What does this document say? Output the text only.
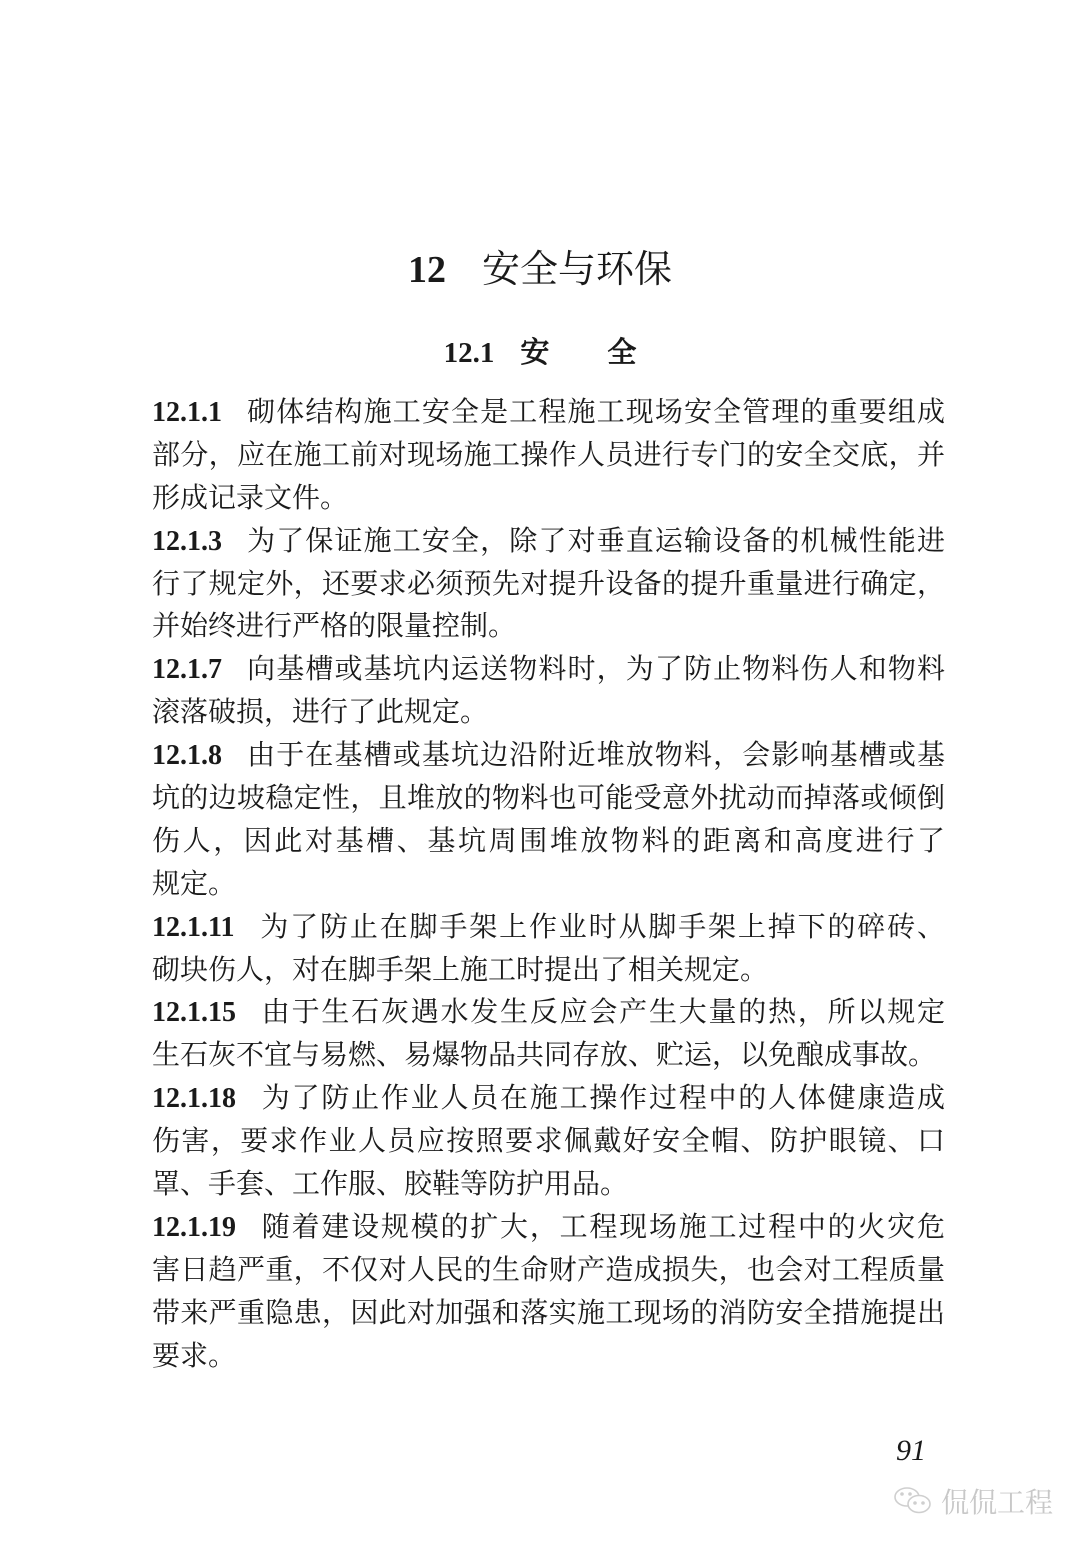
12 安全与环保
12.1 安 全
12.1.1 砌体结构施工安全是工程施工现场安全管理的重要组成
部分，应在施工前对现场施工操作人员进行专门的安全交底，并
形成记录文件。
12.1.3 为了保证施工安全，除了对垂直运输设备的机械性能进
行了规定外，还要求必须预先对提升设备的提升重量进行确定，
并始终进行严格的限量控制。
12.1.7 向基槽或基坑内运送物料时，为了防止物料伤人和物料
滚落破损，进行了此规定。
12.1.8 由于在基槽或基坑边沿附近堆放物料，会影响基槽或基
坑的边坡稳定性，且堆放的物料也可能受意外扰动而掉落或倾倒
伤人，因此对基槽、基坑周围堆放物料的距离和高度进行了
规定。
12.1.11 为了防止在脚手架上作业时从脚手架上掉下的碎砖、
砌块伤人，对在脚手架上施工时提出了相关规定。
12.1.15 由于生石灰遇水发生反应会产生大量的热，所以规定
生石灰不宜与易燃、易爆物品共同存放、贮运，以免酿成事故。
12.1.18 为了防止作业人员在施工操作过程中的人体健康造成
伤害，要求作业人员应按照要求佩戴好安全帽、防护眼镜、口
罩、手套、工作服、胶鞋等防护用品。
12.1.19 随着建设规模的扩大，工程现场施工过程中的火灾危
害日趋严重，不仅对人民的生命财产造成损失，也会对工程质量
带来严重隐患，因此对加强和落实施工现场的消防安全措施提出
要求。
91
侃侃工程
